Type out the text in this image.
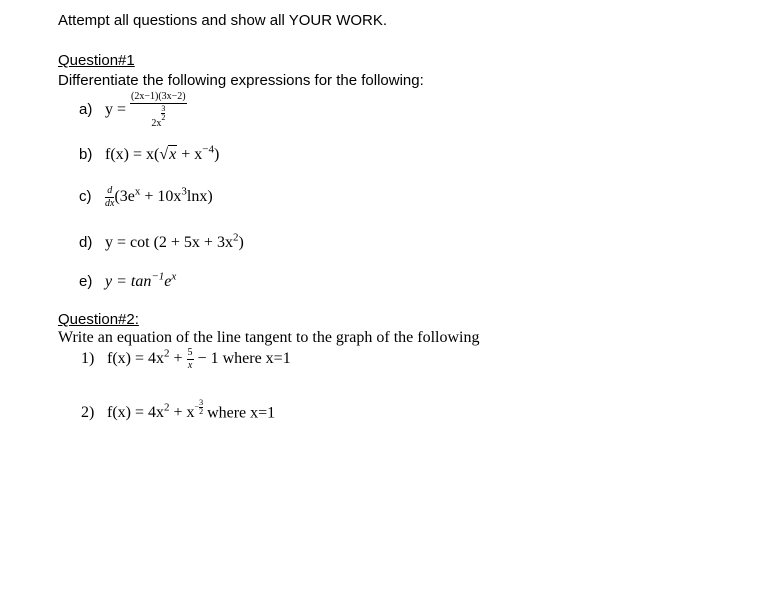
Attempt all questions and show all YOUR WORK.
Question#1
Differentiate the following expressions for the following:
a) y = (2x−1)(3x−2)
2x
$\frac{3}{2}$
b) $f(x) = x(√x + x^{-4})$
$c) \frac{d}{dx} (3e^x + 10x^3\ln x)$
d) $y = \cot (2 + 5x + 3x^2)$
e) $y = \tan^{-1}e^x$
Question#2:
Write an equation of the line tangent to the graph of the following
1) $f(x) = 4x^2 + \frac{5}{x} - 1$ where x=1
2) $f(x) = 4x^2 + x - \frac{3}{2}$ where x=1
